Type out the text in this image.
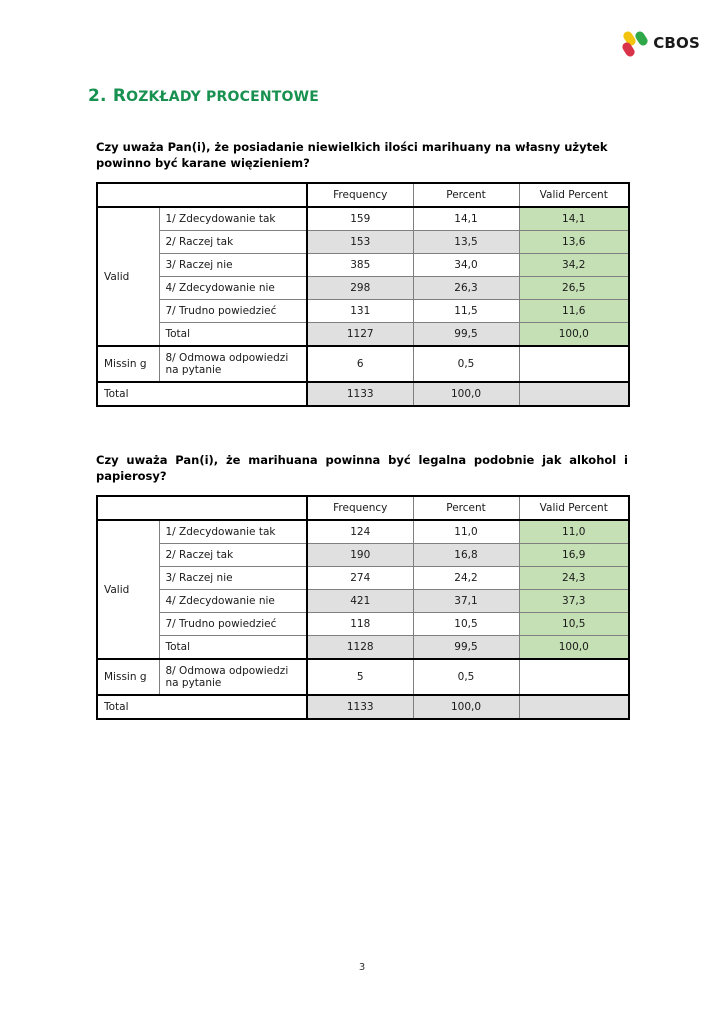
CBOS
2. ROZKŁADY PROCENTOWE
Czy uważa Pan(i), że posiadanie niewielkich ilości marihuany na własny użytek powinno być karane więzieniem?
		Frequency	Percent	Valid Percent
Valid	1/ Zdecydowanie tak	159	14,1	14,1
	2/ Raczej tak	153	13,5	13,6
	3/ Raczej nie	385	34,0	34,2
	4/ Zdecydowanie nie	298	26,3	26,5
	7/ Trudno powiedzieć	131	11,5	11,6
	Total	1127	99,5	100,0
Missin g	8/ Odmowa odpowiedzi na pytanie	6	0,5	
Total		1133	100,0	
Czy uważa Pan(i), że marihuana powinna być legalna podobnie jak alkohol i papierosy?
		Frequency	Percent	Valid Percent
Valid	1/ Zdecydowanie tak	124	11,0	11,0
	2/ Raczej tak	190	16,8	16,9
	3/ Raczej nie	274	24,2	24,3
	4/ Zdecydowanie nie	421	37,1	37,3
	7/ Trudno powiedzieć	118	10,5	10,5
	Total	1128	99,5	100,0
Missin g	8/ Odmowa odpowiedzi na pytanie	5	0,5	
Total		1133	100,0	
3
